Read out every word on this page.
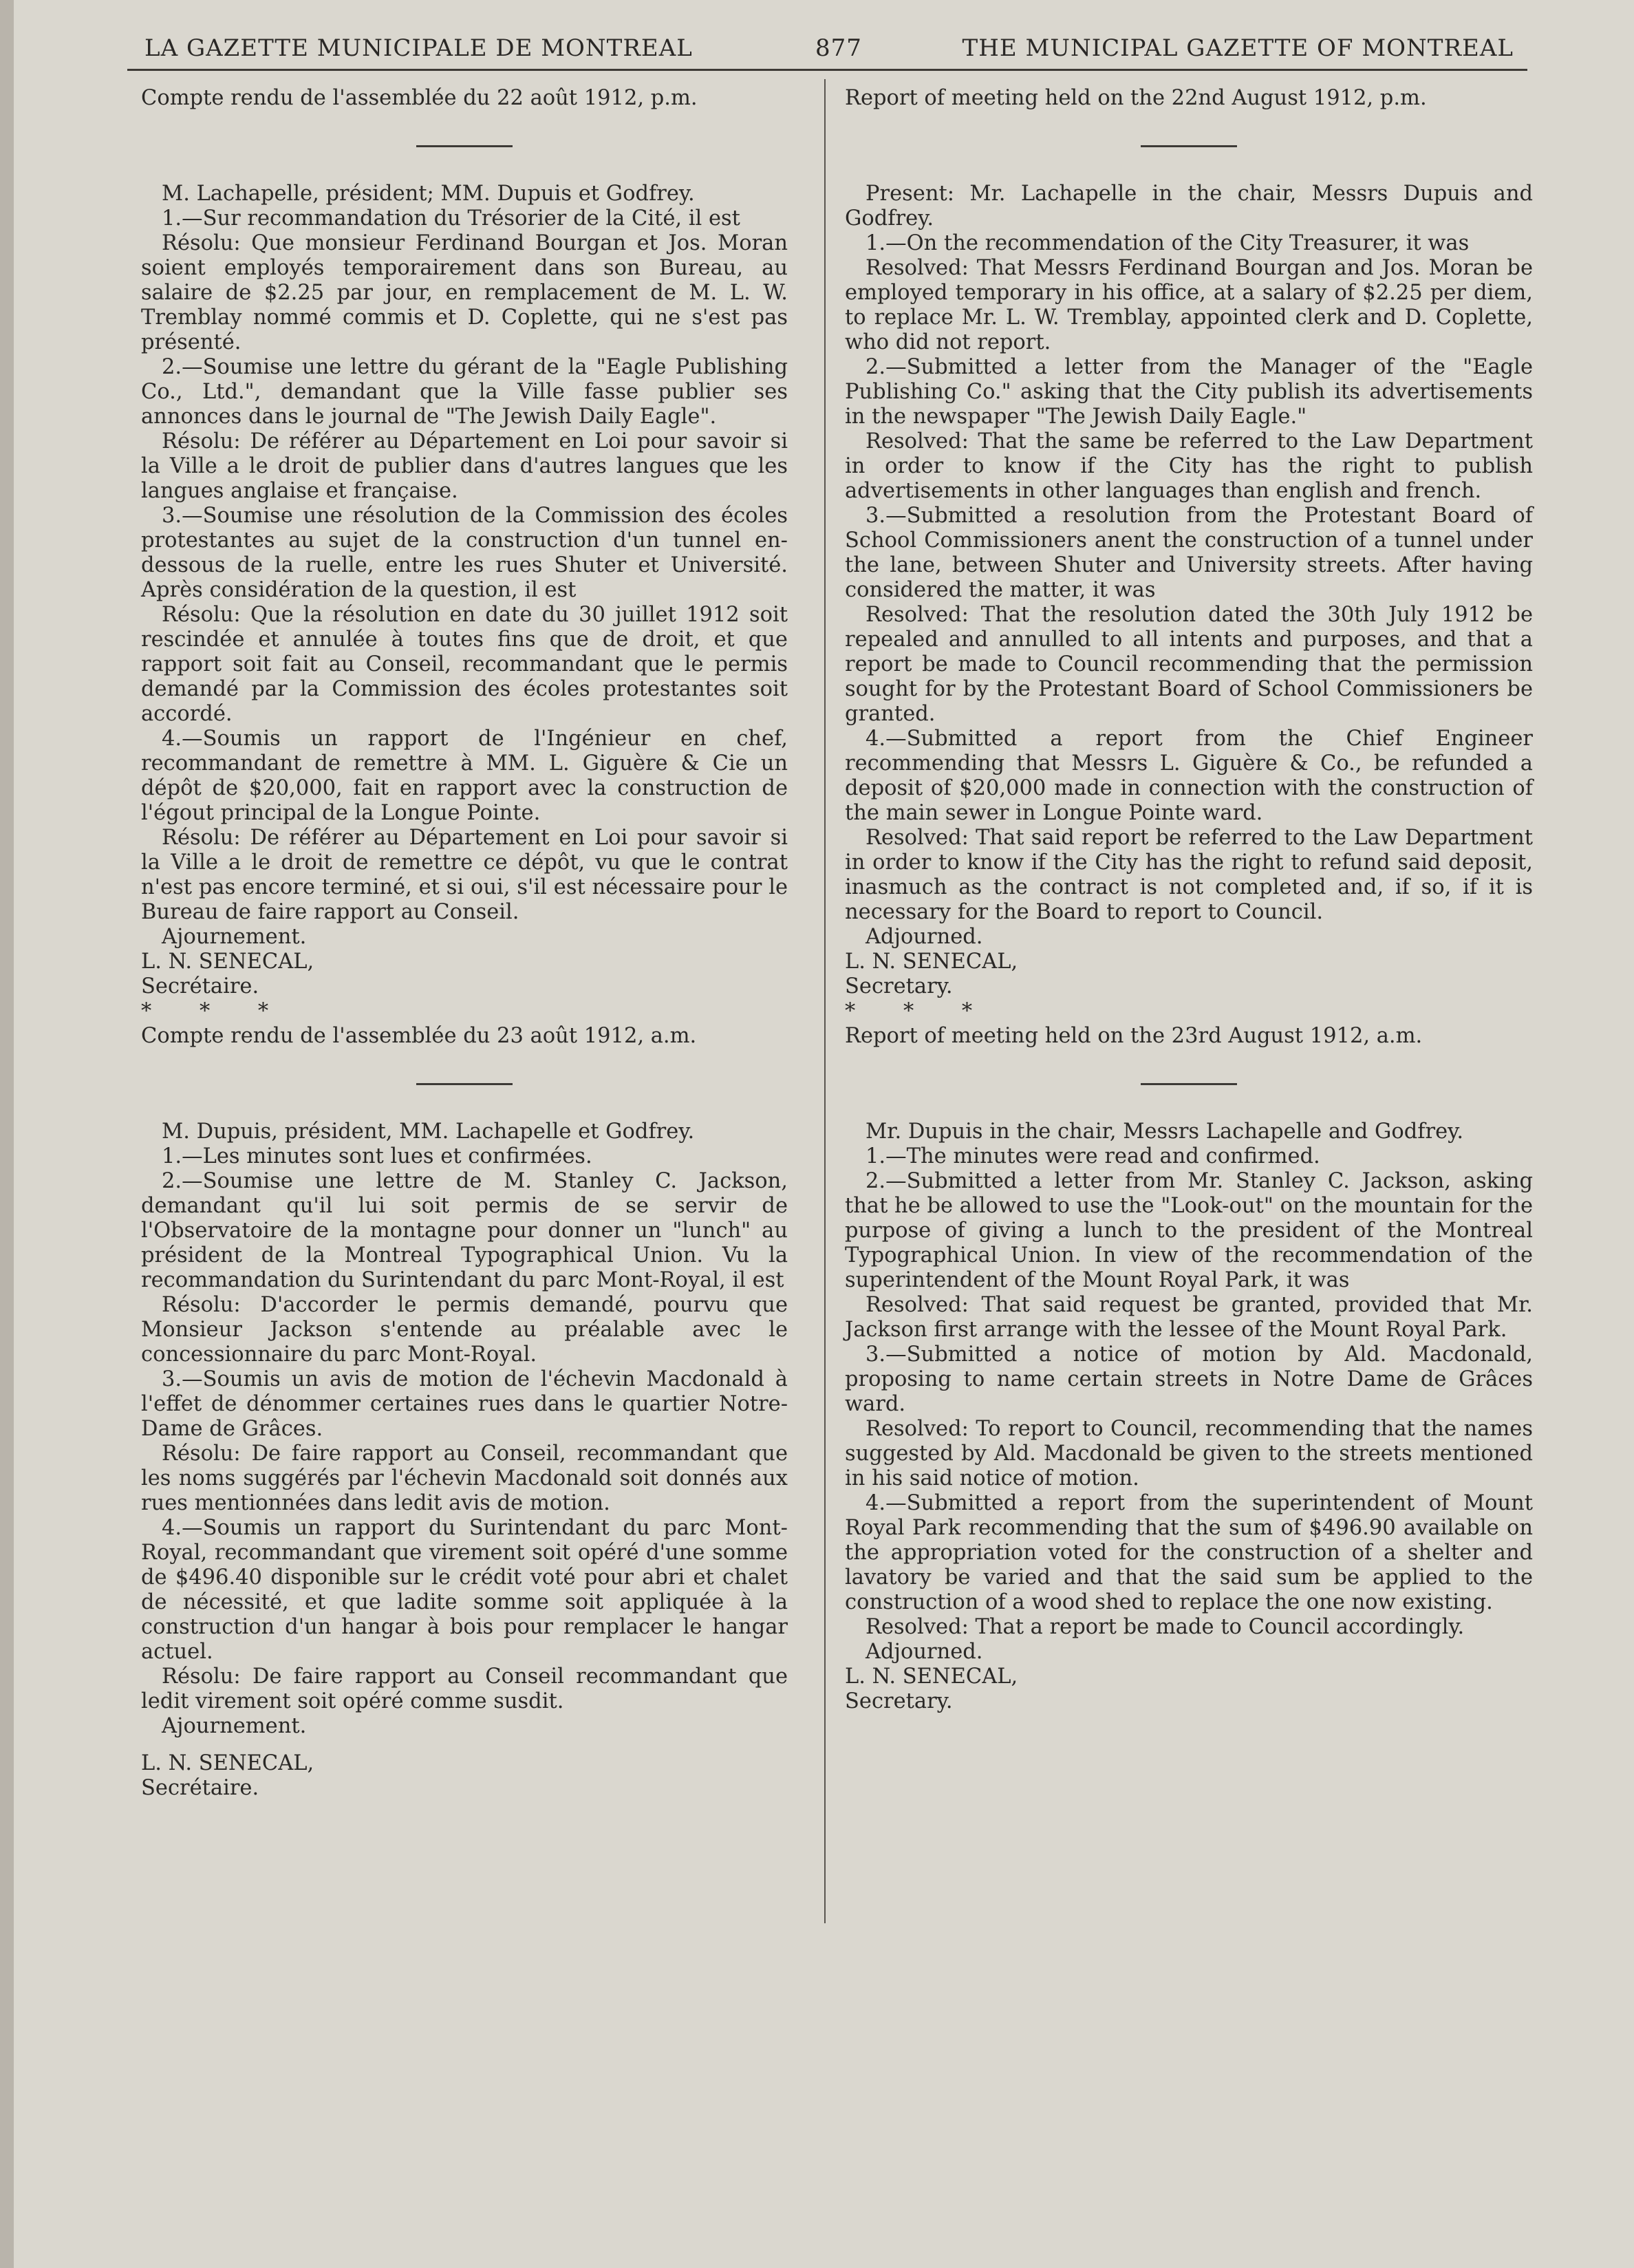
LA GAZETTE MUNICIPALE DE MONTREAL	877	THE MUNICIPAL GAZETTE OF MONTREAL

Compte rendu de l'assemblée du 22 août 1912, p.m.

M. Lachapelle, président; MM. Dupuis et Godfrey.

1.—Sur recommandation du Trésorier de la Cité, il est

Résolu: Que monsieur Ferdinand Bourgan et Jos. Moran soient employés temporairement dans son Bureau, au salaire de $2.25 par jour, en remplacement de M. L. W. Tremblay nommé commis et D. Coplette, qui ne s'est pas présenté.

2.—Soumise une lettre du gérant de la "Eagle Publishing Co., Ltd.", demandant que la Ville fasse publier ses annonces dans le journal de "The Jewish Daily Eagle".

Résolu: De référer au Département en Loi pour savoir si la Ville a le droit de publier dans d'autres langues que les langues anglaise et française.

3.—Soumise une résolution de la Commission des écoles protestantes au sujet de la construction d'un tunnel en-dessous de la ruelle, entre les rues Shuter et Université. Après considération de la question, il est

Résolu: Que la résolution en date du 30 juillet 1912 soit rescindée et annulée à toutes fins que de droit, et que rapport soit fait au Conseil, recommandant que le permis demandé par la Commission des écoles protestantes soit accordé.

4.—Soumis un rapport de l'Ingénieur en chef, recommandant de remettre à MM. L. Giguère & Cie un dépôt de $20,000, fait en rapport avec la construction de l'égout principal de la Longue Pointe.

Résolu: De référer au Département en Loi pour savoir si la Ville a le droit de remettre ce dépôt, vu que le contrat n'est pas encore terminé, et si oui, s'il est nécessaire pour le Bureau de faire rapport au Conseil.

Ajournement.

L. N. SENECAL,

Secrétaire.

* * *

Compte rendu de l'assemblée du 23 août 1912, a.m.

M. Dupuis, président, MM. Lachapelle et Godfrey.

1.—Les minutes sont lues et confirmées.

2.—Soumise une lettre de M. Stanley C. Jackson, demandant qu'il lui soit permis de se servir de l'Observatoire de la montagne pour donner un "lunch" au président de la Montreal Typographical Union. Vu la recommandation du Surintendant du parc Mont-Royal, il est

Résolu: D'accorder le permis demandé, pourvu que Monsieur Jackson s'entende au préalable avec le concessionnaire du parc Mont-Royal.

3.—Soumis un avis de motion de l'échevin Macdonald à l'effet de dénommer certaines rues dans le quartier Notre-Dame de Grâces.

Résolu: De faire rapport au Conseil, recommandant que les noms suggérés par l'échevin Macdonald soit donnés aux rues mentionnées dans ledit avis de motion.

4.—Soumis un rapport du Surintendant du parc Mont-Royal, recommandant que virement soit opéré d'une somme de $496.40 disponible sur le crédit voté pour abri et chalet de nécessité, et que ladite somme soit appliquée à la construction d'un hangar à bois pour remplacer le hangar actuel.

Résolu: De faire rapport au Conseil recommandant que ledit virement soit opéré comme susdit.

Ajournement.

L. N. SENECAL,

Secrétaire.

Report of meeting held on the 22nd August 1912, p.m.

Present: Mr. Lachapelle in the chair, Messrs Dupuis and Godfrey.

1.—On the recommendation of the City Treasurer, it was

Resolved: That Messrs Ferdinand Bourgan and Jos. Moran be employed temporary in his office, at a salary of $2.25 per diem, to replace Mr. L. W. Tremblay, appointed clerk and D. Coplette, who did not report.

2.—Submitted a letter from the Manager of the "Eagle Publishing Co." asking that the City publish its advertisements in the newspaper "The Jewish Daily Eagle."

Resolved: That the same be referred to the Law Department in order to know if the City has the right to publish advertisements in other languages than english and french.

3.—Submitted a resolution from the Protestant Board of School Commissioners anent the construction of a tunnel under the lane, between Shuter and University streets. After having considered the matter, it was

Resolved: That the resolution dated the 30th July 1912 be repealed and annulled to all intents and purposes, and that a report be made to Council recommending that the permission sought for by the Protestant Board of School Commissioners be granted.

4.—Submitted a report from the Chief Engineer recommending that Messrs L. Giguère & Co., be refunded a deposit of $20,000 made in connection with the construction of the main sewer in Longue Pointe ward.

Resolved: That said report be referred to the Law Department in order to know if the City has the right to refund said deposit, inasmuch as the contract is not completed and, if so, if it is necessary for the Board to report to Council.

Adjourned.

L. N. SENECAL,

Secretary.

* * *

Report of meeting held on the 23rd August 1912, a.m.

Mr. Dupuis in the chair, Messrs Lachapelle and Godfrey.

1.—The minutes were read and confirmed.

2.—Submitted a letter from Mr. Stanley C. Jackson, asking that he be allowed to use the "Look-out" on the mountain for the purpose of giving a lunch to the president of the Montreal Typographical Union. In view of the recommendation of the superintendent of the Mount Royal Park, it was

Resolved: That said request be granted, provided that Mr. Jackson first arrange with the lessee of the Mount Royal Park.

3.—Submitted a notice of motion by Ald. Macdonald, proposing to name certain streets in Notre Dame de Grâces ward.

Resolved: To report to Council, recommending that the names suggested by Ald. Macdonald be given to the streets mentioned in his said notice of motion.

4.—Submitted a report from the superintendent of Mount Royal Park recommending that the sum of $496.90 available on the appropriation voted for the construction of a shelter and lavatory be varied and that the said sum be applied to the construction of a wood shed to replace the one now existing.

Resolved: That a report be made to Council accordingly.

Adjourned.

L. N. SENECAL,

Secretary.
